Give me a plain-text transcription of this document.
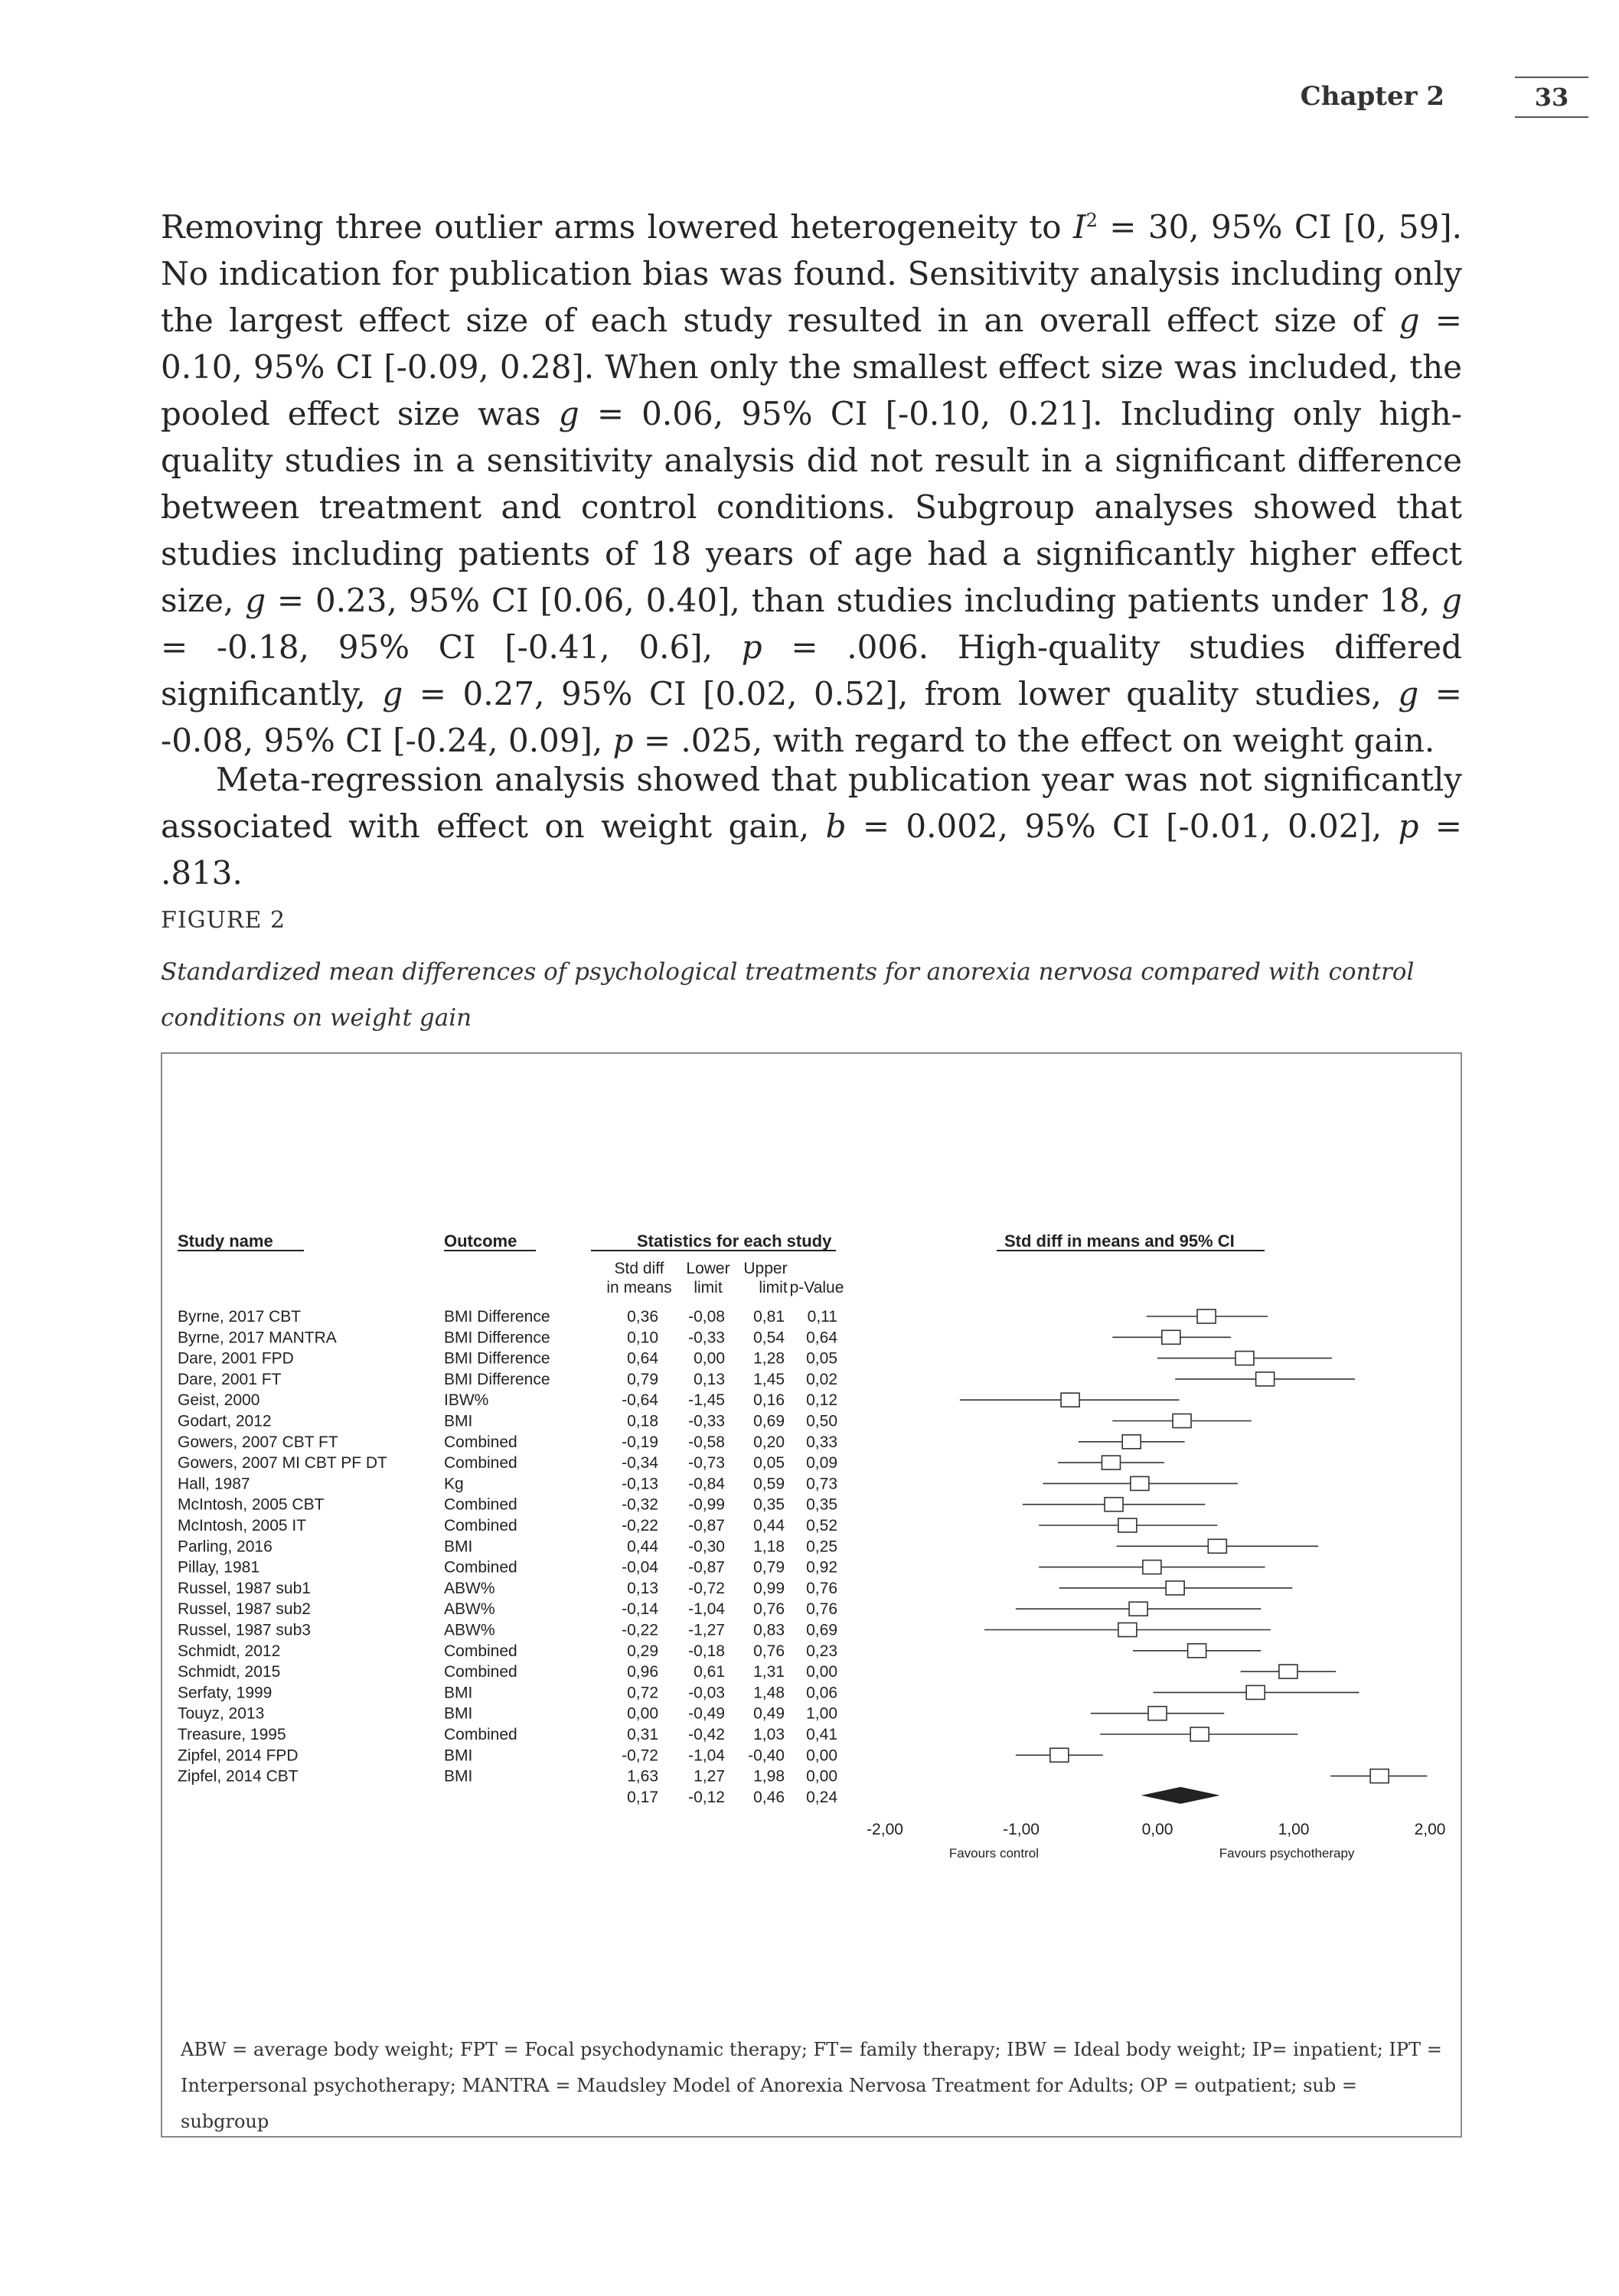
Chapter 2	33
Removing three outlier arms lowered heterogeneity to $I^2 = 30$, 95% CI [0, 59]. No indication for publication bias was found. Sensitivity analysis including only the largest effect size of each study resulted in an overall effect size of g = 0.10, 95% CI [-0.09, 0.28]. When only the smallest effect size was included, the pooled effect size was g = 0.06, 95% CI [-0.10, 0.21]. Including only high-quality studies in a sensitivity analysis did not result in a significant difference between treatment and control conditions. Subgroup analyses showed that studies including patients of 18 years of age had a significantly higher effect size, g = 0.23, 95% CI [0.06, 0.40], than studies including patients under 18, g = -0.18, 95% CI [-0.41, 0.6], p = .006. High-quality studies differed significantly, g = 0.27, 95% CI [0.02, 0.52], from lower quality studies, g = -0.08, 95% CI [-0.24, 0.09], p = .025, with regard to the effect on weight gain.
Meta-regression analysis showed that publication year was not significantly associated with effect on weight gain, b = 0.002, 95% CI [-0.01, 0.02], p = .813.
FIGURE 2
Standardized mean differences of psychological treatments for anorexia nervosa compared with control conditions on weight gain
Study name	Outcome	Statistics for each study	Std diff in means and 95% CI
Std diff
in means
Lower
limit
Upper
limit p-Value
Byrne, 2017 CBT	BMI Difference	0,36 -0,08 0,81 0,11
Byrne, 2017 MANTRA	BMI Difference	0,10 -0,33 0,54 0,64
Dare, 2001 FPD	BMI Difference	0,64 0,00 1,28 0,05
Dare, 2001 FT	BMI Difference	0,79 0,13 1,45 0,02
Geist, 2000	IBW%	-0,64 -1,45 0,16 0,12
Godart, 2012	BMI	0,18 -0,33 0,69 0,50
Gowers, 2007 CBT FT	Combined	-0,19 -0,58 0,20 0,33
Gowers, 2007 MI CBT PF DT	Combined	-0,34 -0,73 0,05 0,09
Hall, 1987	Kg	-0,13 -0,84 0,59 0,73
McIntosh, 2005 CBT	Combined	-0,32 -0,99 0,35 0,35
McIntosh, 2005 IT	Combined	-0,22 -0,87 0,44 0,52
Parling, 2016	BMI	0,44 -0,30 1,18 0,25
Pillay, 1981	Combined	-0,04 -0,87 0,79 0,92
Russel, 1987 sub1	ABW%	0,13 -0,72 0,99 0,76
Russel, 1987 sub2	ABW%	-0,14 -1,04 0,76 0,76
Russel, 1987 sub3	ABW%	-0,22 -1,27 0,83 0,69
Schmidt, 2012	Combined	0,29 -0,18 0,76 0,23
Schmidt, 2015	Combined	0,96 0,61 1,31 0,00
Serfaty, 1999	BMI	0,72 -0,03 1,48 0,06
Touyz, 2013	BMI	0,00 -0,49 0,49 1,00
Treasure, 1995	Combined	0,31 -0,42 1,03 0,41
Zipfel, 2014 FPD	BMI	-0,72 -1,04 -0,40 0,00
Zipfel, 2014 CBT	BMI	1,63 1,27 1,98 0,00
0,17 -0,12 0,46 0,24
-2,00	-1,00	0,00	1,00	2,00
Favours control	Favours psychotherapy
ABW = average body weight; FPT = Focal psychodynamic therapy; FT= family therapy; IBW = Ideal body weight; IP= inpatient; IPT = Interpersonal psychotherapy; MANTRA = Maudsley Model of Anorexia Nervosa Treatment for Adults; OP = outpatient; sub = subgroup
